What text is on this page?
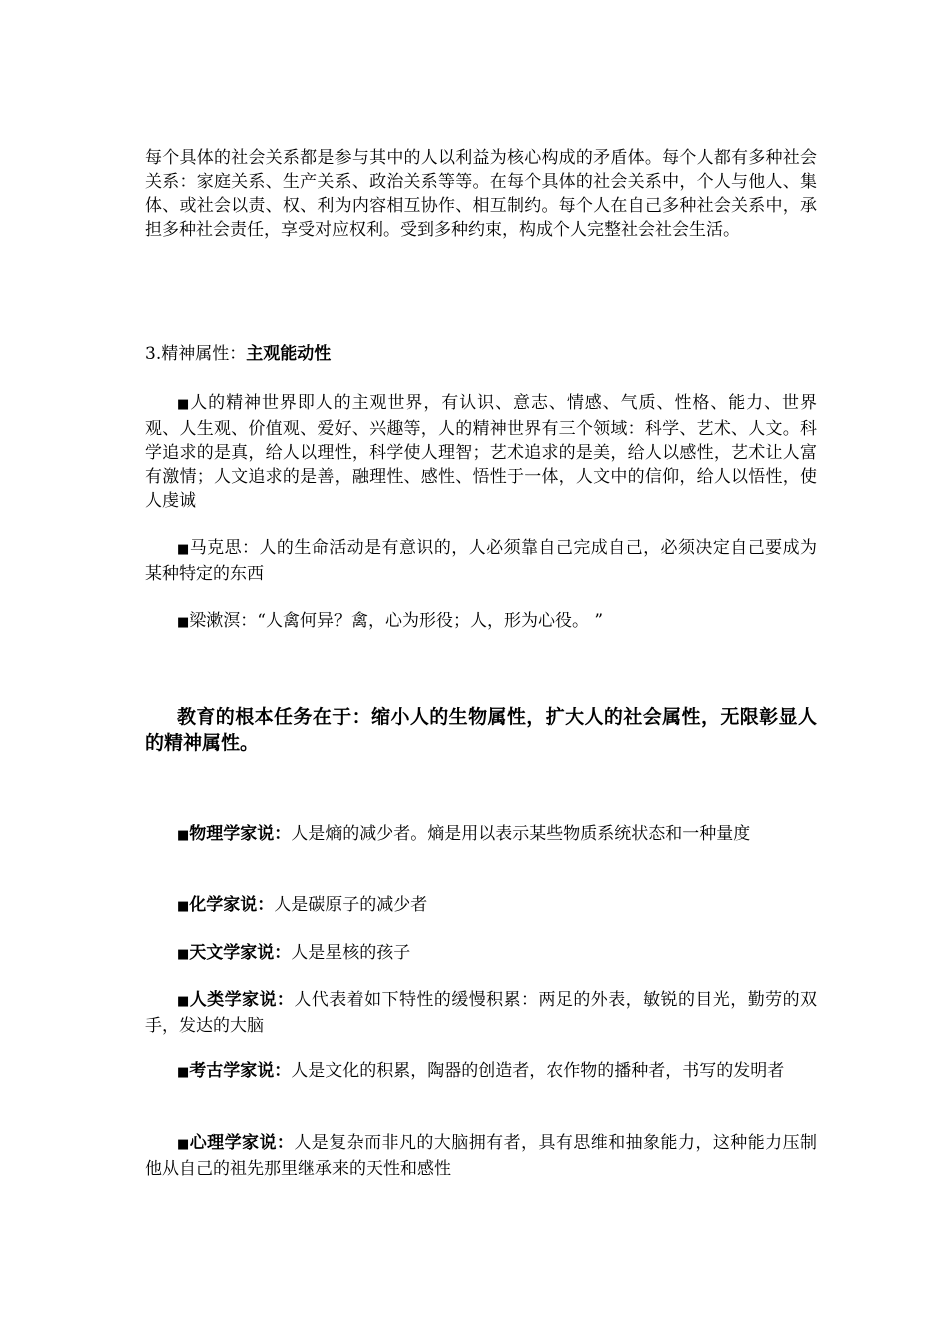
每个具体的社会关系都是参与其中的人以利益为核心构成的矛盾体。每个人都有多种社会关系：家庭关系、生产关系、政治关系等等。在每个具体的社会关系中，个人与他人、集体、或社会以责、权、利为内容相互协作、相互制约。每个人在自己多种社会关系中，承担多种社会责任，享受对应权利。受到多种约束，构成个人完整社会社会生活。

3.精神属性：主观能动性

■人的精神世界即人的主观世界，有认识、意志、情感、气质、性格、能力、世界观、人生观、价值观、爱好、兴趣等，人的精神世界有三个领域：科学、艺术、人文。科学追求的是真，给人以理性，科学使人理智；艺术追求的是美，给人以感性，艺术让人富有激情；人文追求的是善，融理性、感性、悟性于一体，人文中的信仰，给人以悟性，使人虔诚

■马克思：人的生命活动是有意识的，人必须靠自己完成自己，必须决定自己要成为某种特定的东西

■梁漱溟：“人禽何异？禽，心为形役；人，形为心役。 ”

教育的根本任务在于：缩小人的生物属性，扩大人的社会属性，无限彰显人的精神属性。

■物理学家说：人是熵的减少者。熵是用以表示某些物质系统状态和一种量度

■化学家说：人是碳原子的减少者

■天文学家说：人是星核的孩子

■人类学家说：人代表着如下特性的缓慢积累：两足的外表，敏锐的目光，勤劳的双手，发达的大脑

■考古学家说：人是文化的积累，陶器的创造者，农作物的播种者，书写的发明者

■心理学家说：人是复杂而非凡的大脑拥有者，具有思维和抽象能力，这种能力压制他从自己的祖先那里继承来的天性和感性
